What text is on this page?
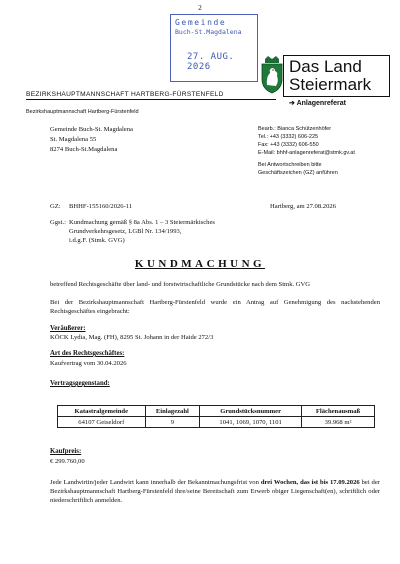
2
Gemeinde
Buch-St.Magdalena
27. AUG. 2026	Das Land
Steiermark
BEZIRKSHAUPTMANNSCHAFT HARTBERG-FÜRSTENFELD
➔ Anlagenreferat
Bezirkshauptmannschaft Hartberg-Fürstenfeld
Gemeinde Buch-St. Magdalena
St. Magdalena 55
8274 Buch-St.Magdalena
Bearb.: Bianca Schützenhöfer
Tel.: +43 (3332) 606-225
Fax: +43 (3332) 606-550
E-Mail: bhhf-anlagenreferat@stmk.gv.at
Bei Antwortschreiben bitte
Geschäftszeichen (GZ) anführen
GZ: BHHF-155160/2026-11	Hartberg, am 27.08.2026
Ggst.: Kundmachung gemäß § 8a Abs. 1 – 3 Steiermärkisches
Grundverkehrsgesetz, LGBl Nr. 134/1993,
i.d.g.F. (Stmk. GVG)
KUNDMACHUNG
betreffend Rechtsgeschäfte über land- und forstwirtschaftliche Grundstücke nach dem Stmk. GVG
Bei der Bezirkshauptmannschaft Hartberg-Fürstenfeld wurde ein Antrag auf Genehmigung des nachstehenden Rechtsgeschäftes eingebracht:
Veräußerer:
KÖCK Lydia, Mag. (FH), 8295 St. Johann in der Haide 272/3
Art des Rechtsgeschäftes:
Kaufvertrag vom 30.04.2026
Vertragsgegenstand:
Katastralgemeinde	Einlagezahl	Grundstücksnummer	Flächenausmaß
64107 Geiseldorf	9	1041, 1069, 1070, 1101	39.968 m²
Kaufpreis:
€ 299.760,00
Jede Landwirtin/jeder Landwirt kann innerhalb der Bekanntmachungsfrist von drei Wochen, das ist bis 17.09.2026 bei der Bezirkshauptmannschaft Hartberg-Fürstenfeld ihre/seine Bereitschaft zum Erwerb obiger Liegenschaft(en), schriftlich oder niederschriftlich anmelden.
